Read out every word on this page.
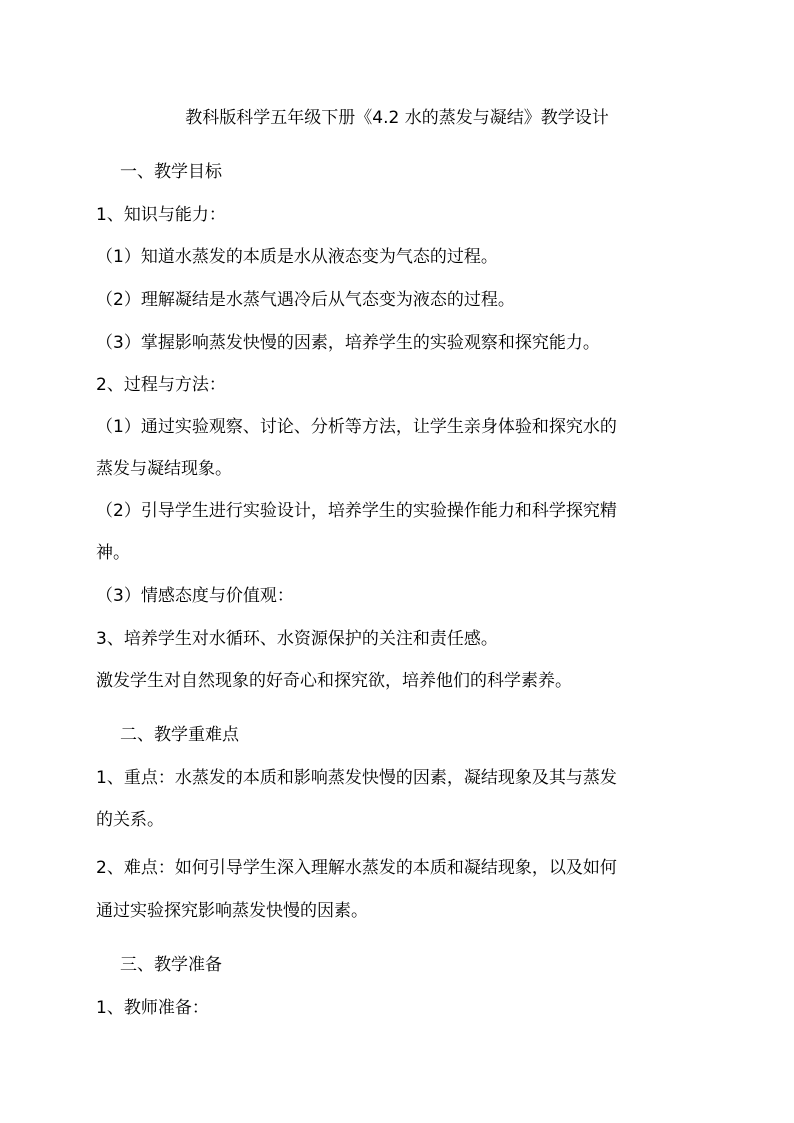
教科版科学五年级下册《4.2 水的蒸发与凝结》教学设计
一、教学目标
1、知识与能力：
（1）知道水蒸发的本质是水从液态变为气态的过程。
（2）理解凝结是水蒸气遇冷后从气态变为液态的过程。
（3）掌握影响蒸发快慢的因素，培养学生的实验观察和探究能力。
2、过程与方法：
（1）通过实验观察、讨论、分析等方法，让学生亲身体验和探究水的
蒸发与凝结现象。
（2）引导学生进行实验设计，培养学生的实验操作能力和科学探究精
神。
（3）情感态度与价值观：
3、培养学生对水循环、水资源保护的关注和责任感。
激发学生对自然现象的好奇心和探究欲，培养他们的科学素养。
二、教学重难点
1、重点：水蒸发的本质和影响蒸发快慢的因素，凝结现象及其与蒸发
的关系。
2、难点：如何引导学生深入理解水蒸发的本质和凝结现象，以及如何
通过实验探究影响蒸发快慢的因素。
三、教学准备
1、教师准备：
